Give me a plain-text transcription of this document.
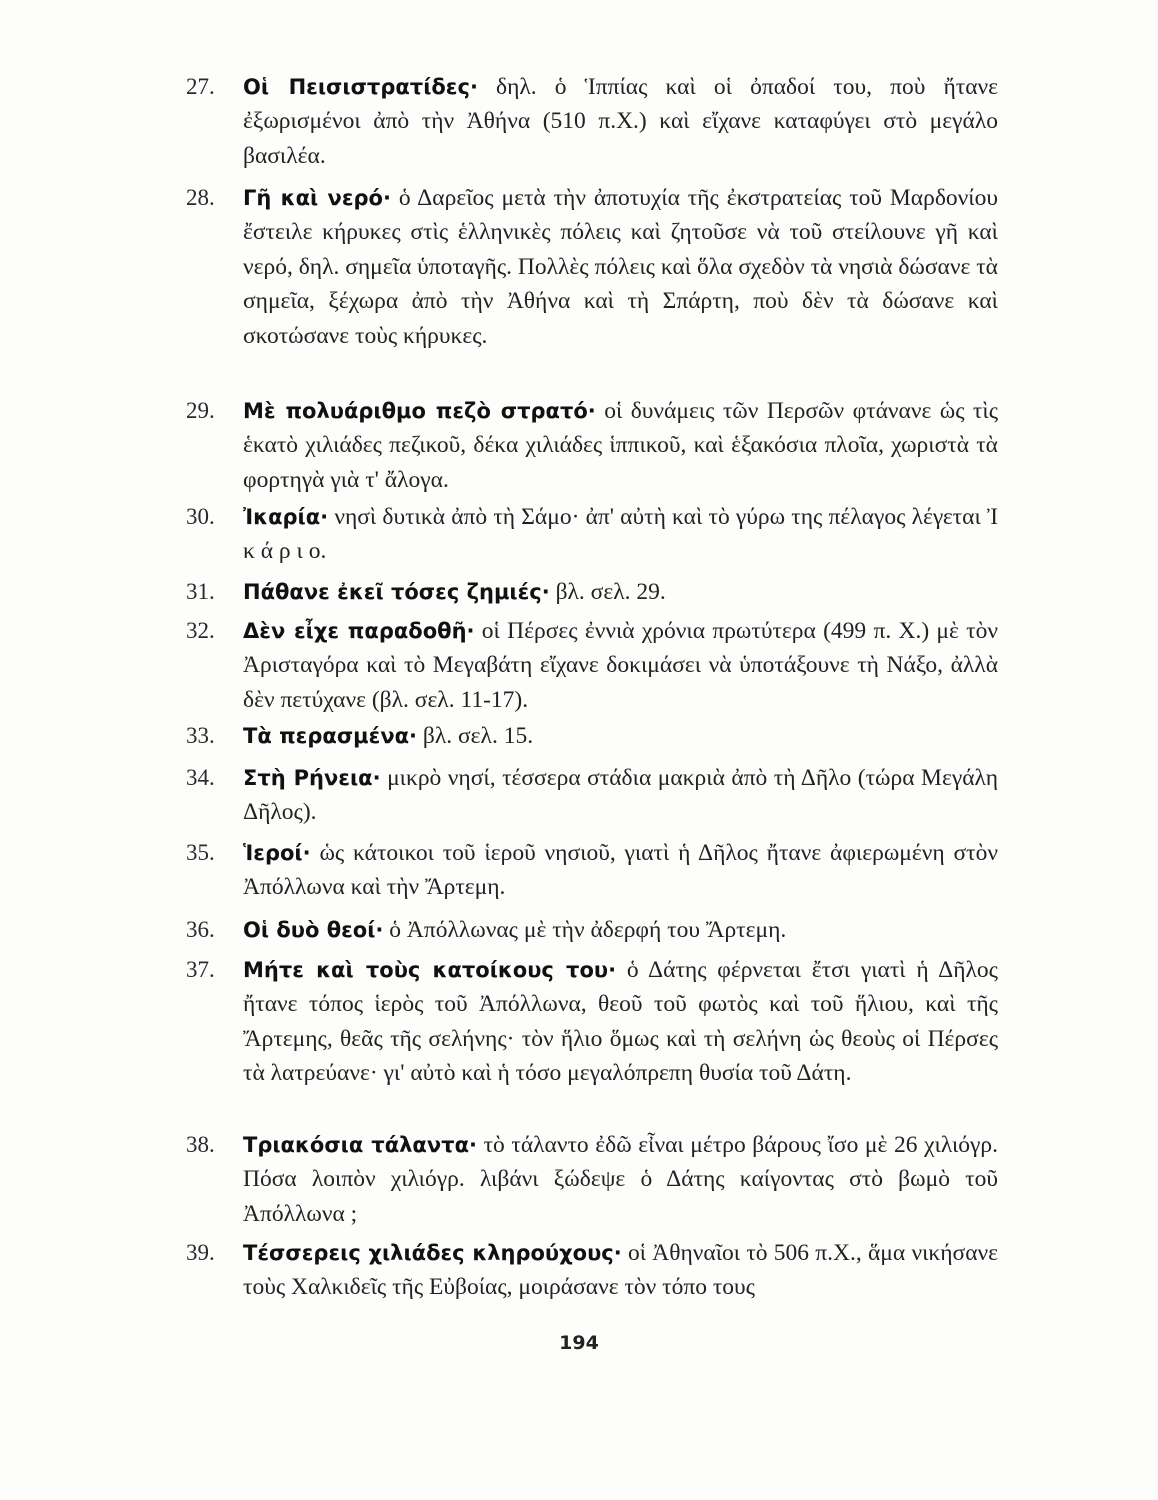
27.	Οἱ Πεισιστρατίδες· δηλ. ὁ Ἱππίας καὶ οἱ ὀπαδοί του, ποὺ ἤτανε ἐξωρισμένοι ἀπὸ τὴν Ἀθήνα (510 π.Χ.) καὶ εἴχανε καταφύγει στὸ μεγάλο βασιλέα.
28.	Γῆ καὶ νερό· ὁ Δαρεῖος μετὰ τὴν ἀποτυχία τῆς ἐκστρατείας τοῦ Μαρδονίου ἔστειλε κήρυκες στὶς ἑλληνικὲς πόλεις καὶ ζητοῦσε νὰ τοῦ στείλουνε γῆ καὶ νερό, δηλ. σημεῖα ὑποταγῆς. Πολλὲς πόλεις καὶ ὅλα σχεδὸν τὰ νησιὰ δώσανε τὰ σημεῖα, ξέχωρα ἀπὸ τὴν Ἀθήνα καὶ τὴ Σπάρτη, ποὺ δὲν τὰ δώσανε καὶ σκοτώσανε τοὺς κήρυκες.
29.	Μὲ πολυάριθμο πεζὸ στρατό· οἱ δυνάμεις τῶν Περσῶν φτάνανε ὡς τὶς ἑκατὸ χιλιάδες πεζικοῦ, δέκα χιλιάδες ἱππικοῦ, καὶ ἑξακόσια πλοῖα, χωριστὰ τὰ φορτηγὰ γιὰ τ' ἄλογα.
30.	Ἰκαρία· νησὶ δυτικὰ ἀπὸ τὴ Σάμο· ἀπ' αὐτὴ καὶ τὸ γύρω της πέλαγος λέγεται Ἰ κ ά ρ ι ο.
31.	Πάθανε ἐκεῖ τόσες ζημιές· βλ. σελ. 29.
32.	Δὲν εἶχε παραδοθῆ· οἱ Πέρσες ἐννιὰ χρόνια πρωτύτερα (499 π. Χ.) μὲ τὸν Ἀρισταγόρα καὶ τὸ Μεγαβάτη εἴχανε δοκιμάσει νὰ ὑποτάξουνε τὴ Νάξο, ἀλλὰ δὲν πετύχανε (βλ. σελ. 11-17).
33.	Τὰ περασμένα· βλ. σελ. 15.
34.	Στὴ Ρήνεια· μικρὸ νησί, τέσσερα στάδια μακριὰ ἀπὸ τὴ Δῆλο (τώρα Μεγάλη Δῆλος).
35.	Ἱεροί· ὡς κάτοικοι τοῦ ἱεροῦ νησιοῦ, γιατὶ ἡ Δῆλος ἤτανε ἀφιερωμένη στὸν Ἀπόλλωνα καὶ τὴν Ἄρτεμη.
36.	Οἱ δυὸ θεοί· ὁ Ἀπόλλωνας μὲ τὴν ἀδερφή του Ἄρτεμη.
37.	Μήτε καὶ τοὺς κατοίκους του· ὁ Δάτης φέρνεται ἔτσι γιατὶ ἡ Δῆλος ἤτανε τόπος ἱερὸς τοῦ Ἀπόλλωνα, θεοῦ τοῦ φωτὸς καὶ τοῦ ἥλιου, καὶ τῆς Ἄρτεμης, θεᾶς τῆς σελήνης· τὸν ἥλιο ὅμως καὶ τὴ σελήνη ὡς θεοὺς οἱ Πέρσες τὰ λατρεύανε· γι' αὐτὸ καὶ ἡ τόσο μεγαλόπρεπη θυσία τοῦ Δάτη.
38.	Τριακόσια τάλαντα· τὸ τάλαντο ἐδῶ εἶναι μέτρο βάρους ἴσο μὲ 26 χιλιόγρ. Πόσα λοιπὸν χιλιόγρ. λιβάνι ξώδεψε ὁ Δάτης καίγοντας στὸ βωμὸ τοῦ Ἀπόλλωνα ;
39.	Τέσσερεις χιλιάδες κληρούχους· οἱ Ἀθηναῖοι τὸ 506 π.Χ., ἅμα νικήσανε τοὺς Χαλκιδεῖς τῆς Εὐβοίας, μοιράσανε τὸν τόπο τους
194
